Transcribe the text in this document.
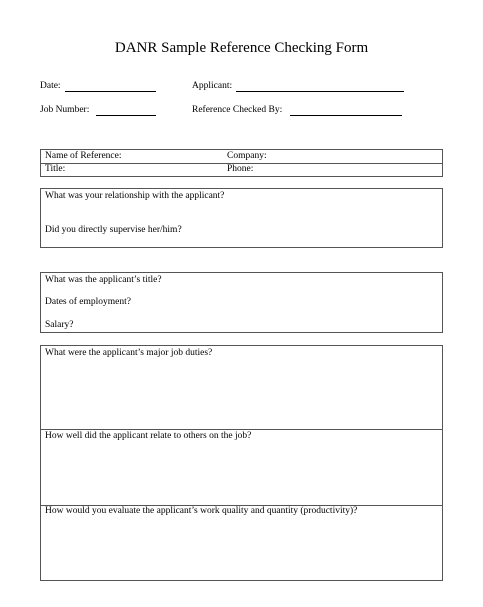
DANR Sample Reference Checking Form
Date:	Applicant:
Job Number:	Reference Checked By:
Name of Reference:	Company:
Title:	Phone:
What was your relationship with the applicant?
Did you directly supervise her/him?
What was the applicant’s title?
Dates of employment?
Salary?
What were the applicant’s major job duties?
How well did the applicant relate to others on the job?
How would you evaluate the applicant’s work quality and quantity (productivity)?
